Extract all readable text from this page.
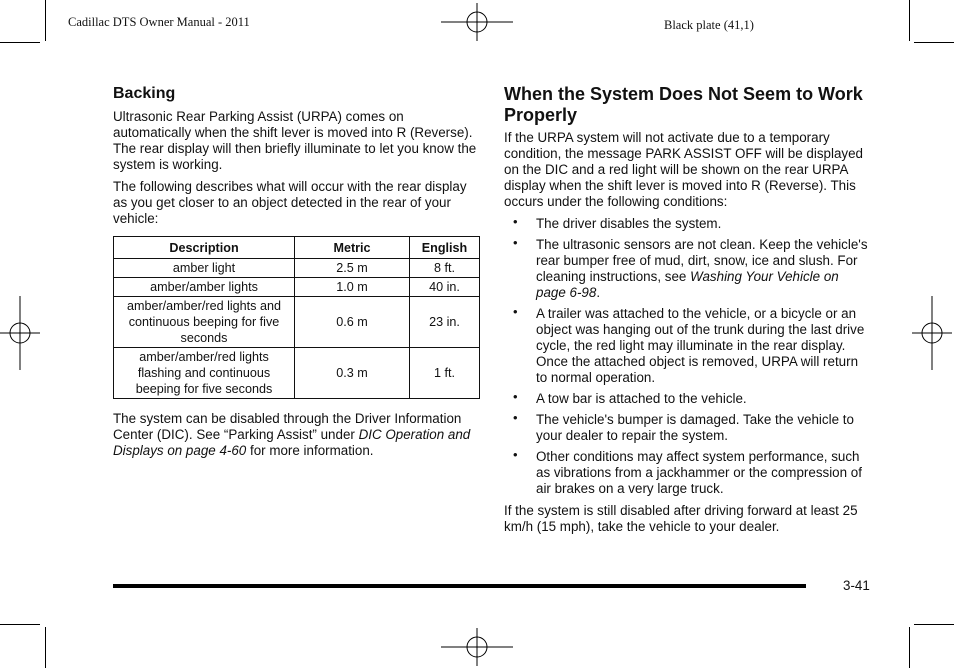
Cadillac DTS Owner Manual - 2011	Black plate (41,1)
Backing

Ultrasonic Rear Parking Assist (URPA) comes on automatically when the shift lever is moved into R (Reverse). The rear display will then briefly illuminate to let you know the system is working.

The following describes what will occur with the rear display as you get closer to an object detected in the rear of your vehicle:

Description	Metric	English
amber light	2.5 m	8 ft.
amber/amber lights	1.0 m	40 in.
amber/amber/red lights and continuous beeping for five seconds	0.6 m	23 in.
amber/amber/red lights flashing and continuous beeping for five seconds	0.3 m	1 ft.

The system can be disabled through the Driver Information Center (DIC). See “Parking Assist” under DIC Operation and Displays on page 4-60 for more information.

When the System Does Not Seem to Work Properly

If the URPA system will not activate due to a temporary condition, the message PARK ASSIST OFF will be displayed on the DIC and a red light will be shown on the rear URPA display when the shift lever is moved into R (Reverse). This occurs under the following conditions:

• The driver disables the system.
• The ultrasonic sensors are not clean. Keep the vehicle's rear bumper free of mud, dirt, snow, ice and slush. For cleaning instructions, see Washing Your Vehicle on page 6-98.
• A trailer was attached to the vehicle, or a bicycle or an object was hanging out of the trunk during the last drive cycle, the red light may illuminate in the rear display. Once the attached object is removed, URPA will return to normal operation.
• A tow bar is attached to the vehicle.
• The vehicle's bumper is damaged. Take the vehicle to your dealer to repair the system.
• Other conditions may affect system performance, such as vibrations from a jackhammer or the compression of air brakes on a very large truck.

If the system is still disabled after driving forward at least 25 km/h (15 mph), take the vehicle to your dealer.

3-41
